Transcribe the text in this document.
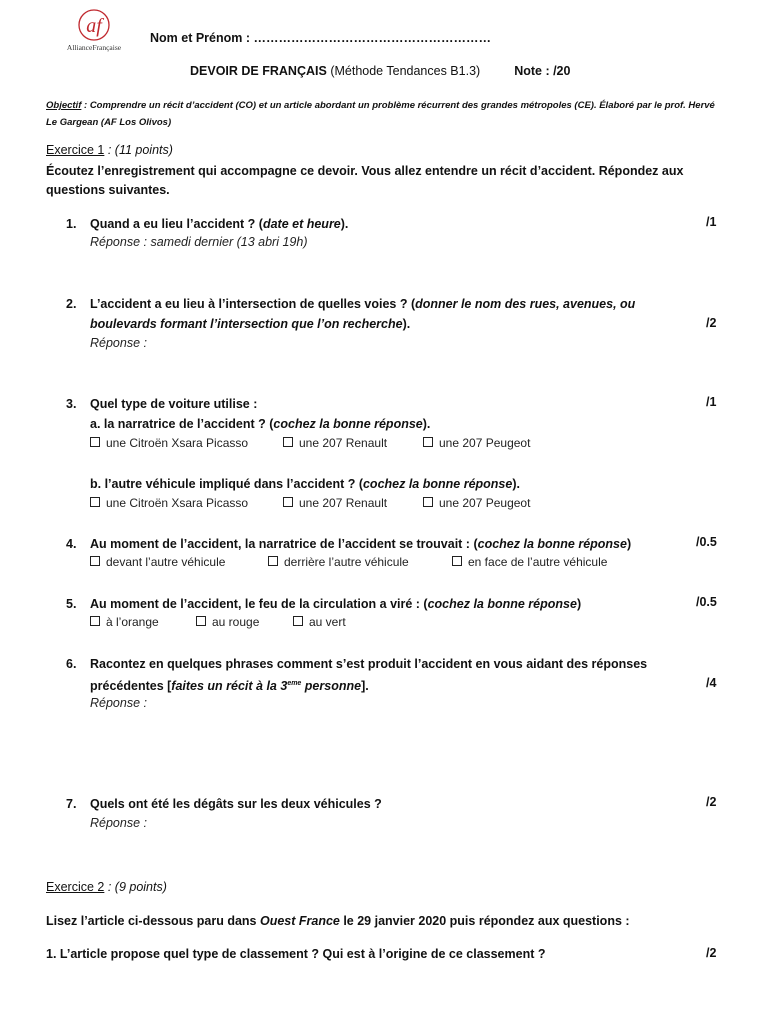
af
AllianceFrançaise
Nom et Prénom : …………………………………………………
DEVOIR DE FRANÇAIS (Méthode Tendances B1.3)	Note : /20
Objectif : Comprendre un récit d’accident (CO) et un article abordant un problème récurrent des grandes métropoles (CE). Élaboré par le prof. Hervé Le Gargean (AF Los Olivos)
Exercice 1 : (11 points)
Écoutez l’enregistrement qui accompagne ce devoir. Vous allez entendre un récit d’accident. Répondez aux questions suivantes.
1. Quand a eu lieu l’accident ? (date et heure).	/1
Réponse : samedi dernier (13 abri 19h)
2. L’accident a eu lieu à l’intersection de quelles voies ? (donner le nom des rues, avenues, ou boulevards formant l’intersection que l’on recherche).	/2
Réponse :
3. Quel type de voiture utilise :	/1
a. la narratrice de l’accident ? (cochez la bonne réponse).
une Citroën Xsara Picasso	une 207 Renault	une 207 Peugeot
b. l’autre véhicule impliqué dans l’accident ? (cochez la bonne réponse).
une Citroën Xsara Picasso	une 207 Renault	une 207 Peugeot
4. Au moment de l’accident, la narratrice de l’accident se trouvait : (cochez la bonne réponse)	/0.5
devant l’autre véhicule	derrière l’autre véhicule	en face de l’autre véhicule
5. Au moment de l’accident, le feu de la circulation a viré : (cochez la bonne réponse)	/0.5
à l’orange	au rouge	au vert
6. Racontez en quelques phrases comment s’est produit l’accident en vous aidant des réponses précédentes [faites un récit à la 3eme personne].	/4
Réponse :
7. Quels ont été les dégâts sur les deux véhicules ?	/2
Réponse :
Exercice 2 : (9 points)
Lisez l’article ci-dessous paru dans Ouest France le 29 janvier 2020 puis répondez aux questions :
1. L’article propose quel type de classement ? Qui est à l’origine de ce classement ?	/2
